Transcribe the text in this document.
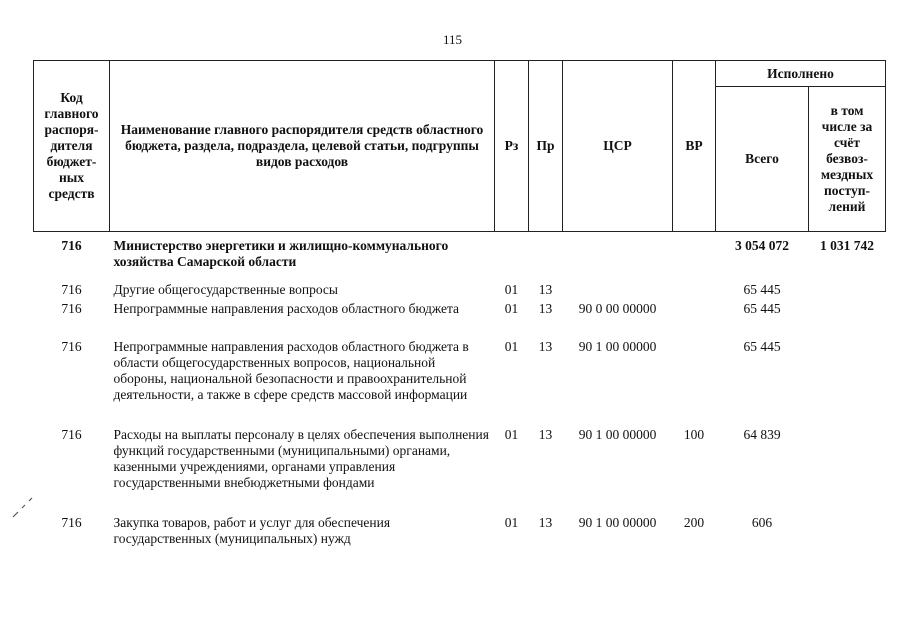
115
Код главного распоря-дителя бюджет-ных средств	Наименование главного распорядителя средств областного бюджета, раздела, подраздела, целевой статьи, подгруппы видов расходов	Рз	Пр	ЦСР	ВР	Исполнено	
						Всего	в том числе за счёт безвоз-мездных поступ-лений
716	Министерство энергетики и жилищно-коммунального хозяйства Самарской области					3 054 072	1 031 742
716	Другие общегосударственные вопросы	01	13			65 445	
716	Непрограммные направления расходов областного бюджета	01	13	90 0 00 00000		65 445	
716	Непрограммные направления расходов областного бюджета в области общегосударственных вопросов, национальной обороны, национальной безопасности и правоохранительной деятельности, а также в сфере средств массовой информации	01	13	90 1 00 00000		65 445	
716	Расходы на выплаты персоналу в целях обеспечения выполнения функций государственными (муниципальными) органами, казенными учреждениями, органами управления государственными внебюджетными фондами	01	13	90 1 00 00000	100	64 839	
716	Закупка товаров, работ и услуг для обеспечения государственных (муниципальных) нужд	01	13	90 1 00 00000	200	606	
